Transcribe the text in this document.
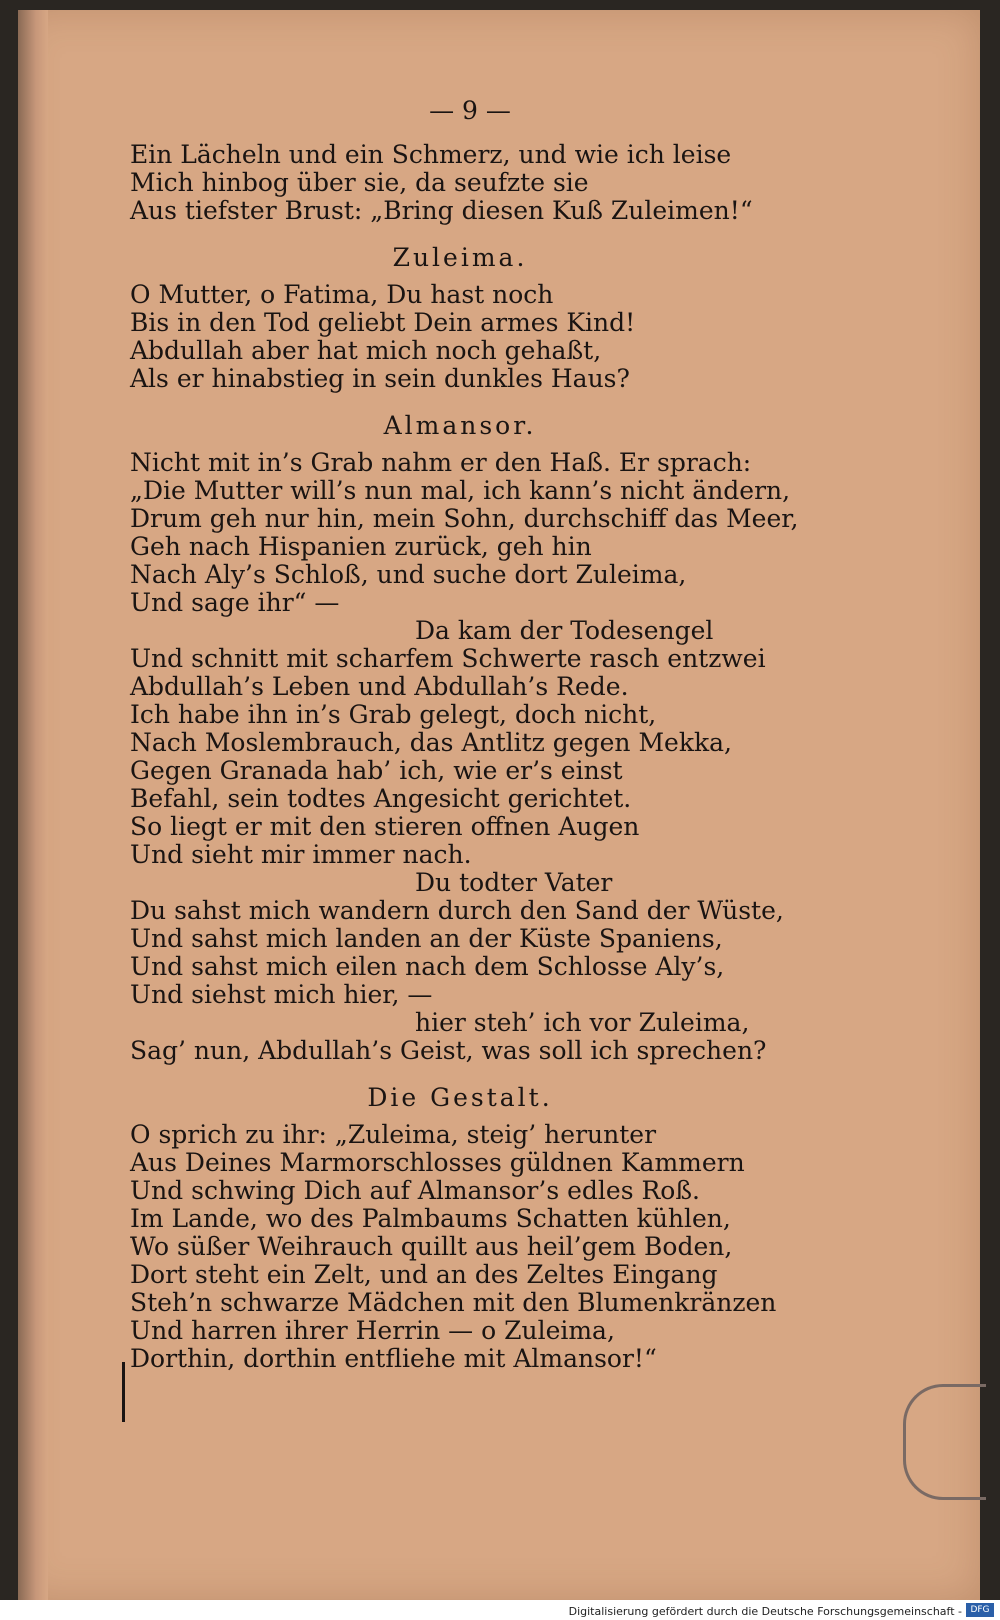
— 9 —
Ein Lächeln und ein Schmerz, und wie ich leise
Mich hinbog über sie, da seufzte sie
Aus tiefster Brust: „Bring diesen Kuß Zuleimen!“
Zuleima.
O Mutter, o Fatima, Du hast noch
Bis in den Tod geliebt Dein armes Kind!
Abdullah aber hat mich noch gehaßt,
Als er hinabstieg in sein dunkles Haus?
Almansor.
Nicht mit in’s Grab nahm er den Haß. Er sprach:
„Die Mutter will’s nun mal, ich kann’s nicht ändern,
Drum geh nur hin, mein Sohn, durchschiff das Meer,
Geh nach Hispanien zurück, geh hin
Nach Aly’s Schloß, und suche dort Zuleima,
Und sage ihr“ —
Da kam der Todesengel
Und schnitt mit scharfem Schwerte rasch entzwei
Abdullah’s Leben und Abdullah’s Rede.
Ich habe ihn in’s Grab gelegt, doch nicht,
Nach Moslembrauch, das Antlitz gegen Mekka,
Gegen Granada hab’ ich, wie er’s einst
Befahl, sein todtes Angesicht gerichtet.
So liegt er mit den stieren offnen Augen
Und sieht mir immer nach.
Du todter Vater
Du sahst mich wandern durch den Sand der Wüste,
Und sahst mich landen an der Küste Spaniens,
Und sahst mich eilen nach dem Schlosse Aly’s,
Und siehst mich hier, —
hier steh’ ich vor Zuleima,
Sag’ nun, Abdullah’s Geist, was soll ich sprechen?
Die Gestalt.
O sprich zu ihr: „Zuleima, steig’ herunter
Aus Deines Marmorschlosses güldnen Kammern
Und schwing Dich auf Almansor’s edles Roß.
Im Lande, wo des Palmbaums Schatten kühlen,
Wo süßer Weihrauch quillt aus heil’gem Boden,
Dort steht ein Zelt, und an des Zeltes Eingang
Steh’n schwarze Mädchen mit den Blumenkränzen
Und harren ihrer Herrin — o Zuleima,
Dorthin, dorthin entfliehe mit Almansor!“
Digitalisierung gefördert durch die Deutsche Forschungsgemeinschaft - DFG
